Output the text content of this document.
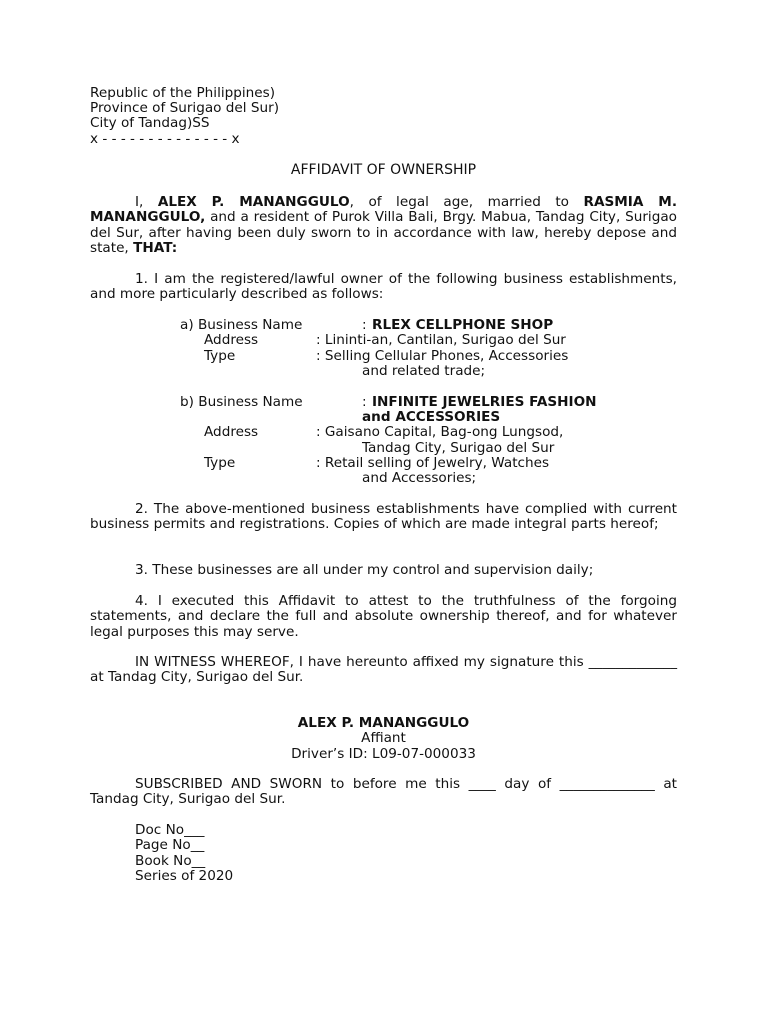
Republic of the Philippines)
Province of Surigao del Sur)
City of Tandag)SS
x - - - - - - - - - - - - - - x
AFFIDAVIT OF OWNERSHIP
I, ALEX P. MANANGGULO, of legal age, married to RASMIA M. MANANGGULO, and a resident of Purok Villa Bali, Brgy. Mabua, Tandag City, Surigao del Sur, after having been duly sworn to in accordance with law, hereby depose and state, THAT:
1. I am the registered/lawful owner of the following business establishments, and more particularly described as follows:
a) Business Name	: RLEX CELLPHONE SHOP
Address	: Lininti-an, Cantilan, Surigao del Sur
Type	: Selling Cellular Phones, Accessories
and related trade;
b) Business Name	: INFINITE JEWELRIES FASHION
and ACCESSORIES
Address	: Gaisano Capital, Bag-ong Lungsod,
Tandag City, Surigao del Sur
Type	: Retail selling of Jewelry, Watches
and Accessories;
2. The above-mentioned business establishments have complied with current business permits and registrations. Copies of which are made integral parts hereof;
3. These businesses are all under my control and supervision daily;
4. I executed this Affidavit to attest to the truthfulness of the forgoing statements, and declare the full and absolute ownership thereof, and for whatever legal purposes this may serve.
IN WITNESS WHEREOF, I have hereunto affixed my signature this _____________ at Tandag City, Surigao del Sur.
ALEX P. MANANGGULO
Affiant
Driver’s ID: L09-07-000033
SUBSCRIBED AND SWORN to before me this ____ day of ______________ at Tandag City, Surigao del Sur.
Doc No___
Page No__
Book No__
Series of 2020
